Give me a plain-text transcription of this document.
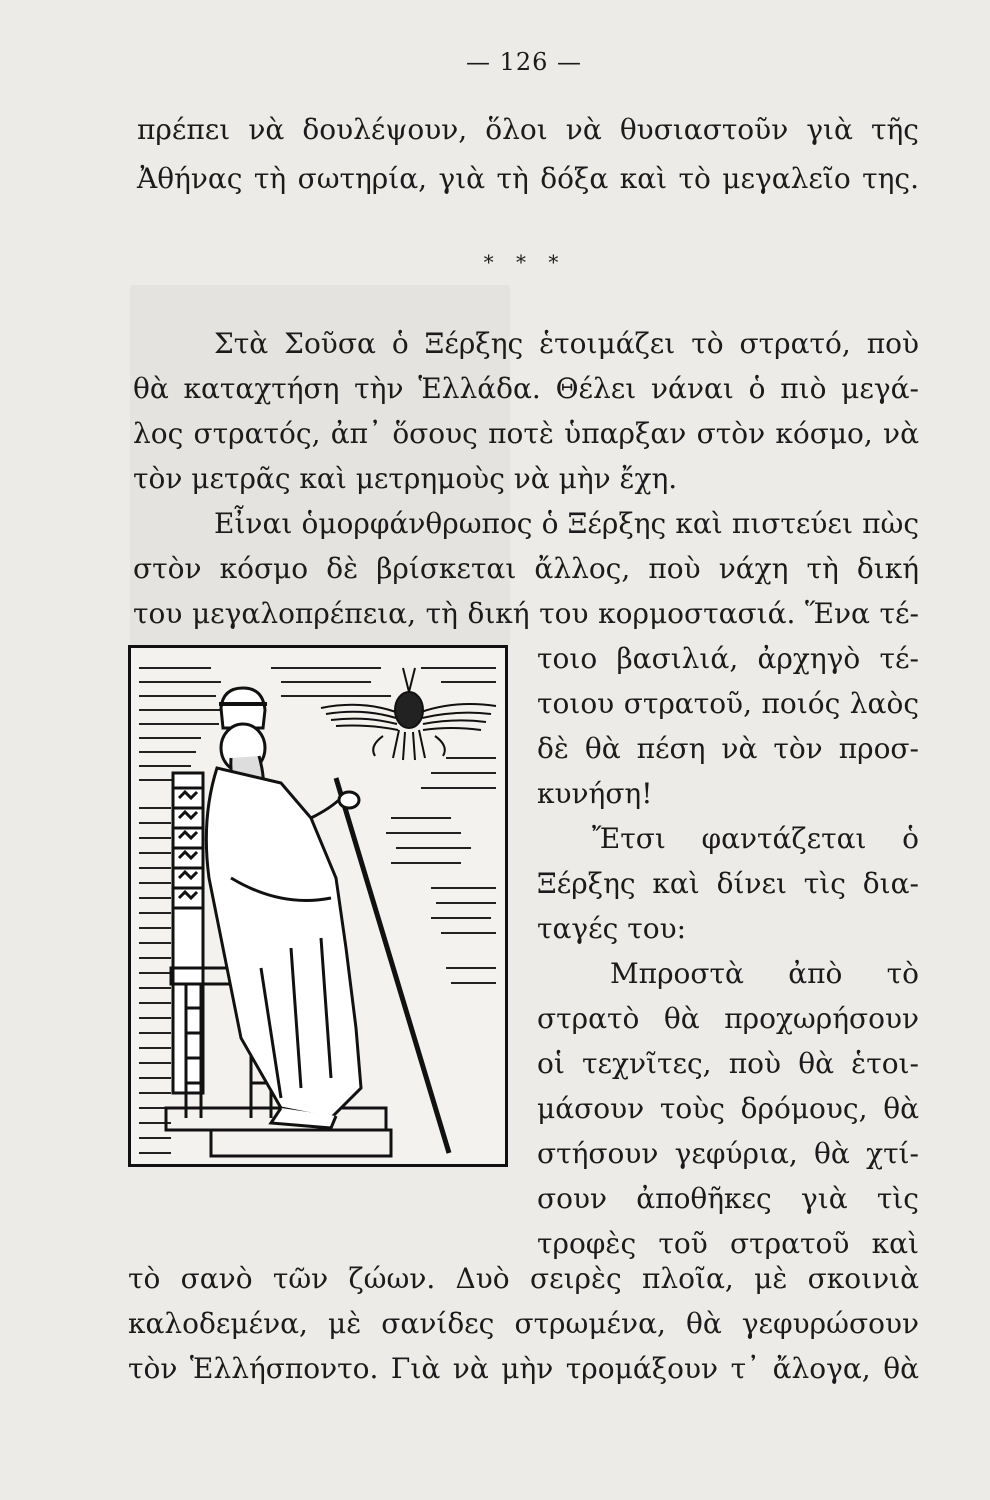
— 126 —
πρέπει νὰ δουλέψουν, ὅλοι νὰ θυσιαστοῦν γιὰ τῆς
Ἀθήνας τὴ σωτηρία, γιὰ τὴ δόξα καὶ τὸ μεγαλεῖο της.
* * *
Στὰ Σοῦσα ὁ Ξέρξης ἑτοιμάζει τὸ στρατό, ποὺ
θὰ καταχτήση τὴν Ἑλλάδα. Θέλει νάναι ὁ πιὸ μεγά-
λος στρατός, ἀπ᾽ ὅσους ποτὲ ὑπαρξαν στὸν κόσμο, νὰ
τὸν μετρᾶς καὶ μετρημοὺς νὰ μὴν ἔχη.
Εἶναι ὁμορφάνθρωπος ὁ Ξέρξης καὶ πιστεύει πὼς
στὸν κόσμο δὲ βρίσκεται ἄλλος, ποὺ νάχη τὴ δική
του μεγαλοπρέπεια, τὴ δική του κορμοστασιά. Ἕνα τέ-
τοιο βασιλιά, ἀρχηγὸ τέ-
τοιου στρατοῦ, ποιός λαὸς
δὲ θὰ πέση νὰ τὸν προσ-
κυνήση!
Ἔτσι φαντάζεται ὁ
Ξέρξης καὶ δίνει τὶς δια-
ταγές του:
Μπροστὰ ἀπὸ τὸ
στρατὸ θὰ προχωρήσουν
οἱ τεχνῖτες, ποὺ θὰ ἑτοι-
μάσουν τοὺς δρόμους, θὰ
στήσουν γεφύρια, θὰ χτί-
σουν ἀποθῆκες γιὰ τὶς
τροφὲς τοῦ στρατοῦ καὶ
τὸ σανὸ τῶν ζώων. Δυὸ σειρὲς πλοῖα, μὲ σκοινιὰ
καλοδεμένα, μὲ σανίδες στρωμένα, θὰ γεφυρώσουν
τὸν Ἑλλήσποντο. Γιὰ νὰ μὴν τρομάξουν τ᾽ ἄλογα, θὰ
